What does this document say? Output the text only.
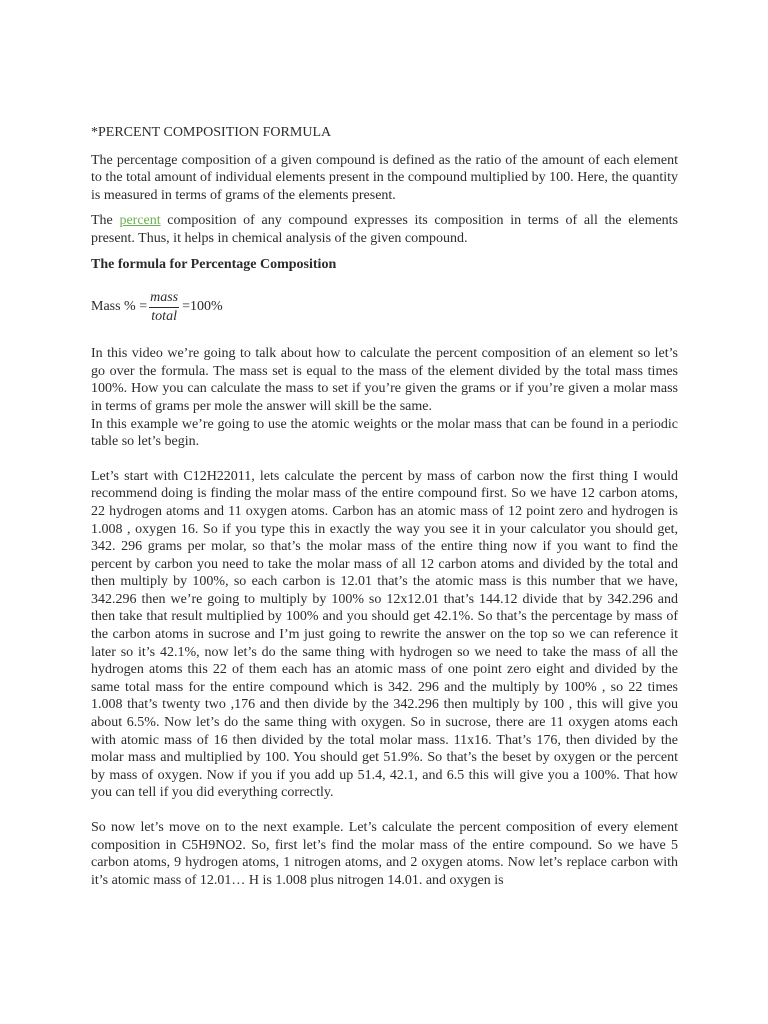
*PERCENT COMPOSITION FORMULA

The percentage composition of a given compound is defined as the ratio of the amount of each element to the total amount of individual elements present in the compound multiplied by 100. Here, the quantity is measured in terms of grams of the elements present.

The percent composition of any compound expresses its composition in terms of all the elements present. Thus, it helps in chemical analysis of the given compound.

The formula for Percentage Composition

Mass % = $\frac{\text{mass}}{\text{total}} =100\%$

In this video we’re going to talk about how to calculate the percent composition of an element so let’s go over the formula. The mass set is equal to the mass of the element divided by the total mass times 100%. How you can calculate the mass to set if you’re given the grams or if you’re given a molar mass in terms of grams per mole the answer will skill be the same.

In this example we’re going to use the atomic weights or the molar mass that can be found in a periodic table so let’s begin.

Let’s start with C12H22011, lets calculate the percent by mass of carbon now the first thing I would recommend doing is finding the molar mass of the entire compound first. So we have 12 carbon atoms, 22 hydrogen atoms and 11 oxygen atoms. Carbon has an atomic mass of 12 point zero and hydrogen is 1.008 , oxygen 16. So if you type this in exactly the way you see it in your calculator you should get, 342. 296 grams per molar, so that’s the molar mass of the entire thing now if you want to find the percent by carbon you need to take the molar mass of all 12 carbon atoms and divided by the total and then multiply by 100%, so each carbon is 12.01 that’s the atomic mass is this number that we have, 342.296 then we’re going to multiply by 100% so 12x12.01 that’s 144.12 divide that by 342.296 and then take that result multiplied by 100% and you should get 42.1%. So that’s the percentage by mass of the carbon atoms in sucrose and I’m just going to rewrite the answer on the top so we can reference it later so it’s 42.1%, now let’s do the same thing with hydrogen so we need to take the mass of all the hydrogen atoms this 22 of them each has an atomic mass of one point zero eight and divided by the same total mass for the entire compound which is 342. 296 and the multiply by 100% , so 22 times 1.008 that’s twenty two ,176 and then divide by the 342.296 then multiply by 100 , this will give you about 6.5%. Now let’s do the same thing with oxygen. So in sucrose, there are 11 oxygen atoms each with atomic mass of 16 then divided by the total molar mass. 11x16. That’s 176, then divided by the molar mass and multiplied by 100. You should get 51.9%. So that’s the beset by oxygen or the percent by mass of oxygen. Now if you if you add up 51.4, 42.1, and 6.5 this will give you a 100%. That how you can tell if you did everything correctly.

So now let’s move on to the next example. Let’s calculate the percent composition of every element composition in C5H9NO2. So, first let’s find the molar mass of the entire compound. So we have 5 carbon atoms, 9 hydrogen atoms, 1 nitrogen atoms, and 2 oxygen atoms. Now let’s replace carbon with it’s atomic mass of 12.01… H is 1.008 plus nitrogen 14.01. and oxygen is
